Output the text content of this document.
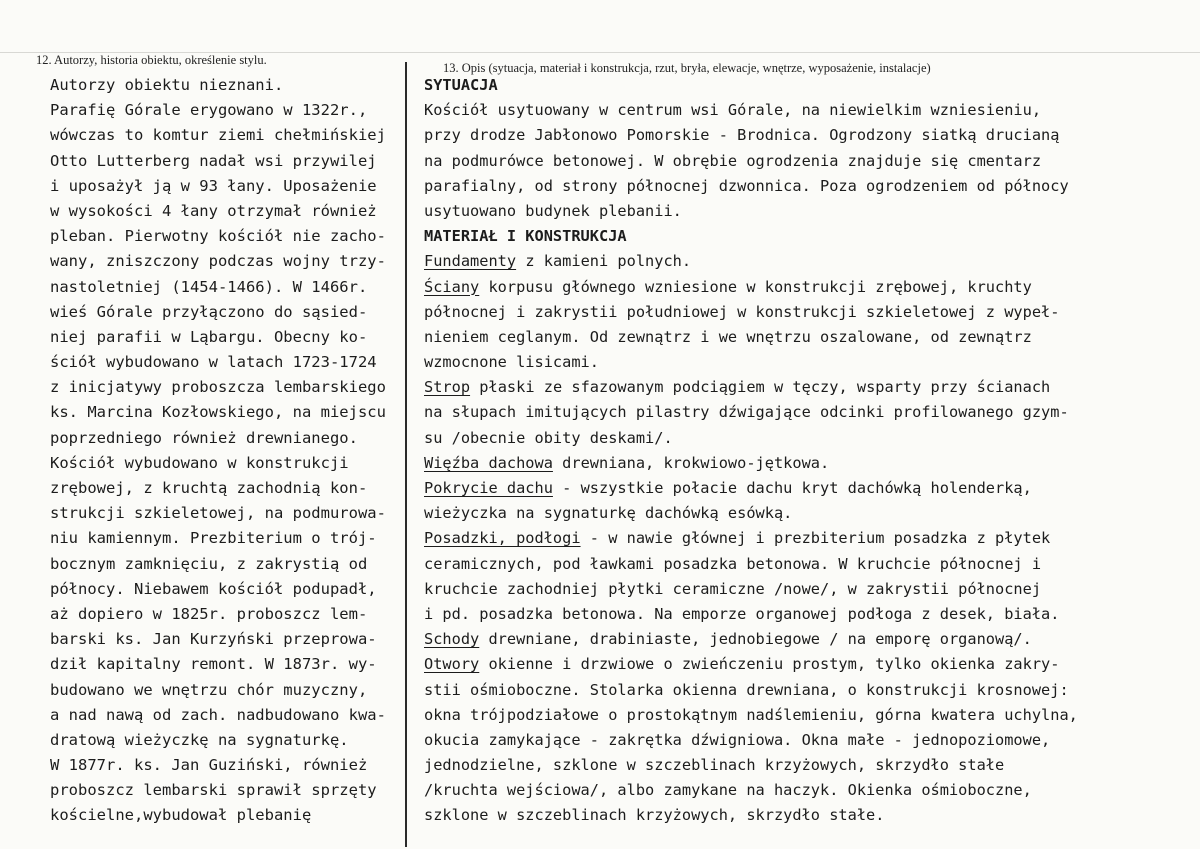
12. Autorzy, historia obiektu, określenie stylu.
13. Opis (sytuacja, materiał i konstrukcja, rzut, bryła, elewacje, wnętrze, wyposażenie, instalacje)
Autorzy obiektu nieznani.
Parafię Górale erygowano w 1322r.,
wówczas to komtur ziemi chełmińskiej
Otto Lutterberg nadał wsi przywilej
i uposażył ją w 93 łany. Uposażenie
w wysokości 4 łany otrzymał również
pleban. Pierwotny kościół nie zacho-
wany, zniszczony podczas wojny trzy-
nastoletniej (1454-1466). W 1466r.
wieś Górale przyłączono do sąsied-
niej parafii w Ląbargu. Obecny ko-
ściół wybudowano w latach 1723-1724
z inicjatywy proboszcza lembarskiego
ks. Marcina Kozłowskiego, na miejscu
poprzedniego również drewnianego.
Kościół wybudowano w konstrukcji
zrębowej, z kruchtą zachodnią kon-
strukcji szkieletowej, na podmurowa-
niu kamiennym. Prezbiterium o trój-
bocznym zamknięciu, z zakrystią od
północy. Niebawem kościół podupadł,
aż dopiero w 1825r. proboszcz lem-
barski ks. Jan Kurzyński przeprowa-
dził kapitalny remont. W 1873r. wy-
budowano we wnętrzu chór muzyczny,
a nad nawą od zach. nadbudowano kwa-
dratową wieżyczkę na sygnaturkę.
W 1877r. ks. Jan Guziński, również
proboszcz lembarski sprawił sprzęty
kościelne,wybudował plebanię
SYTUACJA
Kościół usytuowany w centrum wsi Górale, na niewielkim wzniesieniu,
przy drodze Jabłonowo Pomorskie - Brodnica. Ogrodzony siatką drucianą
na podmurówce betonowej. W obrębie ogrodzenia znajduje się cmentarz
parafialny, od strony północnej dzwonnica. Poza ogrodzeniem od północy
usytuowano budynek plebanii.
MATERIAŁ I KONSTRUKCJA
Fundamenty z kamieni polnych.
Ściany korpusu głównego wzniesione w konstrukcji zrębowej, kruchty
północnej i zakrystii południowej w konstrukcji szkieletowej z wypeł-
nieniem ceglanym. Od zewnątrz i we wnętrzu oszalowane, od zewnątrz
wzmocnone lisicami.
Strop płaski ze sfazowanym podciągiem w tęczy, wsparty przy ścianach
na słupach imitujących pilastry dźwigające odcinki profilowanego gzym-
su /obecnie obity deskami/.
Więźba dachowa drewniana, krokwiowo-jętkowa.
Pokrycie dachu - wszystkie połacie dachu kryt dachówką holenderką,
wieżyczka na sygnaturkę dachówką esówką.
Posadzki, podłogi - w nawie głównej i prezbiterium posadzka z płytek
ceramicznych, pod ławkami posadzka betonowa. W kruchcie północnej i
kruchcie zachodniej płytki ceramiczne /nowe/, w zakrystii północnej
i pd. posadzka betonowa. Na emporze organowej podłoga z desek, biała.
Schody drewniane, drabiniaste, jednobiegowe / na emporę organową/.
Otwory okienne i drzwiowe o zwieńczeniu prostym, tylko okienka zakry-
stii ośmioboczne. Stolarka okienna drewniana, o konstrukcji krosnowej:
okna trójpodziałowe o prostokątnym nadślemieniu, górna kwatera uchylna,
okucia zamykające - zakrętka dźwigniowa. Okna małe - jednopoziomowe,
jednodzielne, szklone w szczeblinach krzyżowych, skrzydło stałe
/kruchta wejściowa/, albo zamykane na haczyk. Okienka ośmioboczne,
szklone w szczeblinach krzyżowych, skrzydło stałe.
